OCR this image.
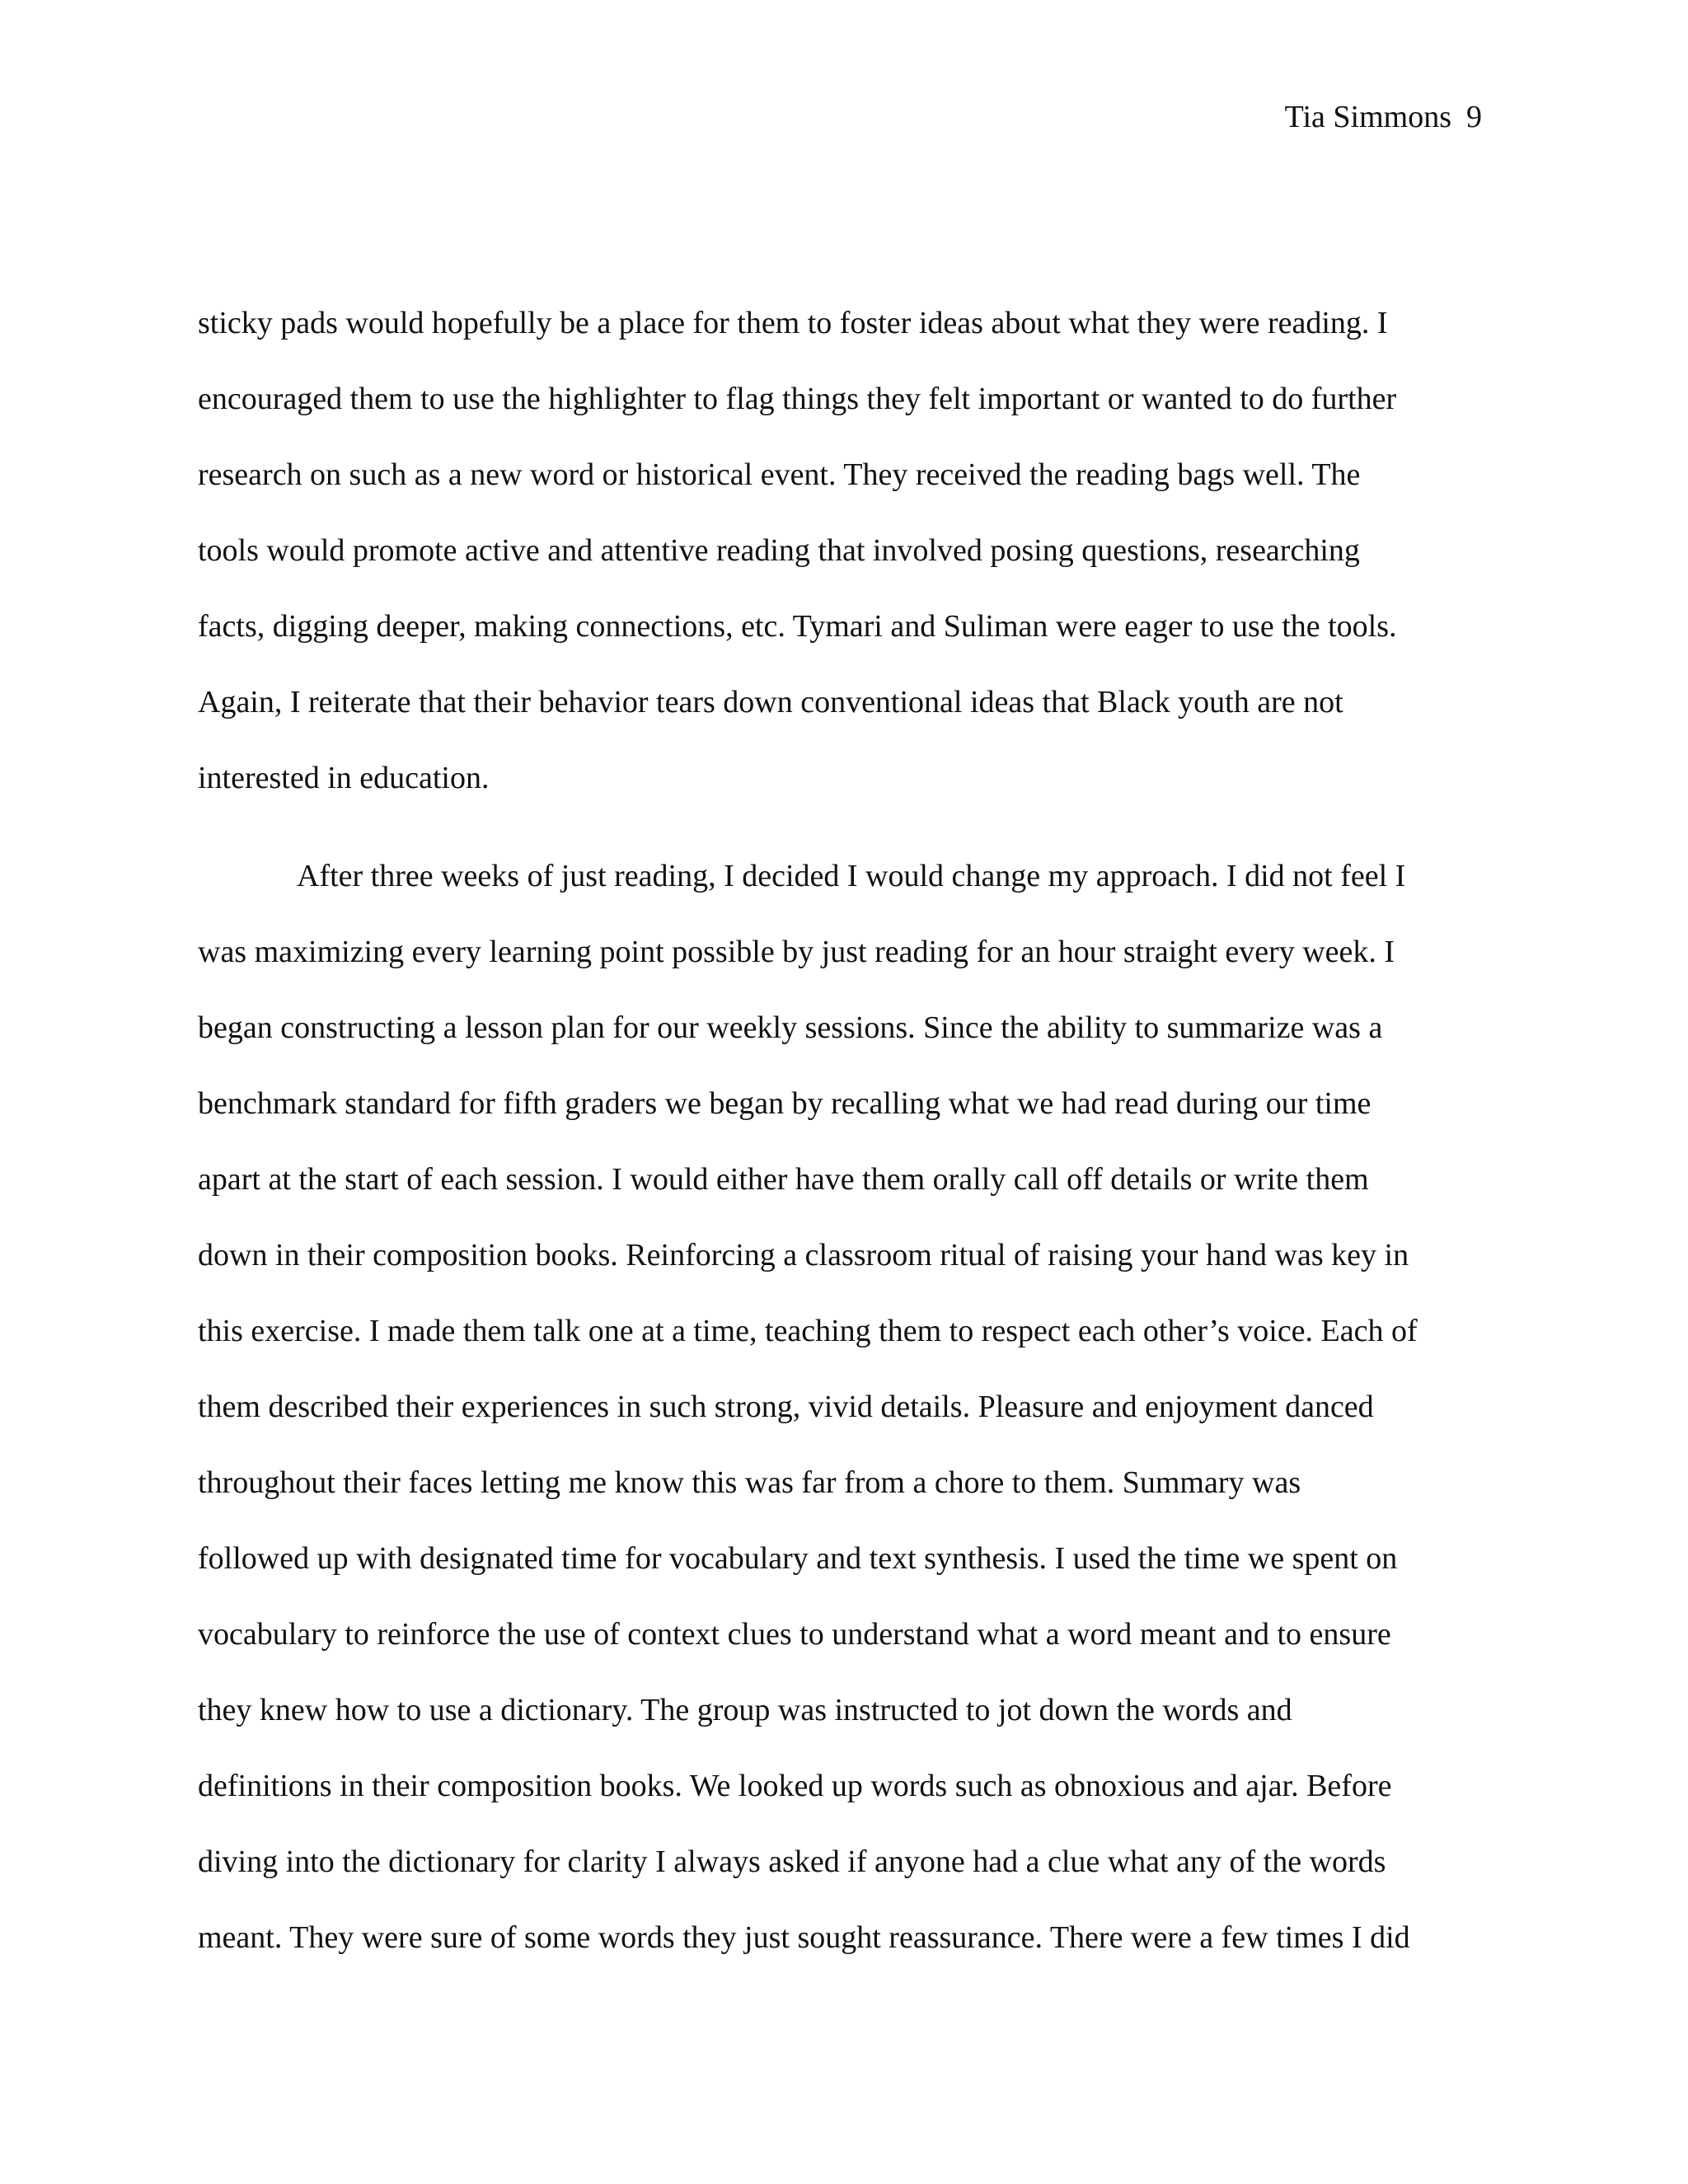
Tia Simmons 9
sticky pads would hopefully be a place for them to foster ideas about what they were reading. I
encouraged them to use the highlighter to flag things they felt important or wanted to do further
research on such as a new word or historical event. They received the reading bags well. The
tools would promote active and attentive reading that involved posing questions, researching
facts, digging deeper, making connections, etc. Tymari and Suliman were eager to use the tools.
Again, I reiterate that their behavior tears down conventional ideas that Black youth are not
interested in education.
After three weeks of just reading, I decided I would change my approach. I did not feel I
was maximizing every learning point possible by just reading for an hour straight every week. I
began constructing a lesson plan for our weekly sessions. Since the ability to summarize was a
benchmark standard for fifth graders we began by recalling what we had read during our time
apart at the start of each session. I would either have them orally call off details or write them
down in their composition books. Reinforcing a classroom ritual of raising your hand was key in
this exercise. I made them talk one at a time, teaching them to respect each other’s voice. Each of
them described their experiences in such strong, vivid details. Pleasure and enjoyment danced
throughout their faces letting me know this was far from a chore to them. Summary was
followed up with designated time for vocabulary and text synthesis. I used the time we spent on
vocabulary to reinforce the use of context clues to understand what a word meant and to ensure
they knew how to use a dictionary. The group was instructed to jot down the words and
definitions in their composition books. We looked up words such as obnoxious and ajar. Before
diving into the dictionary for clarity I always asked if anyone had a clue what any of the words
meant. They were sure of some words they just sought reassurance. There were a few times I did
